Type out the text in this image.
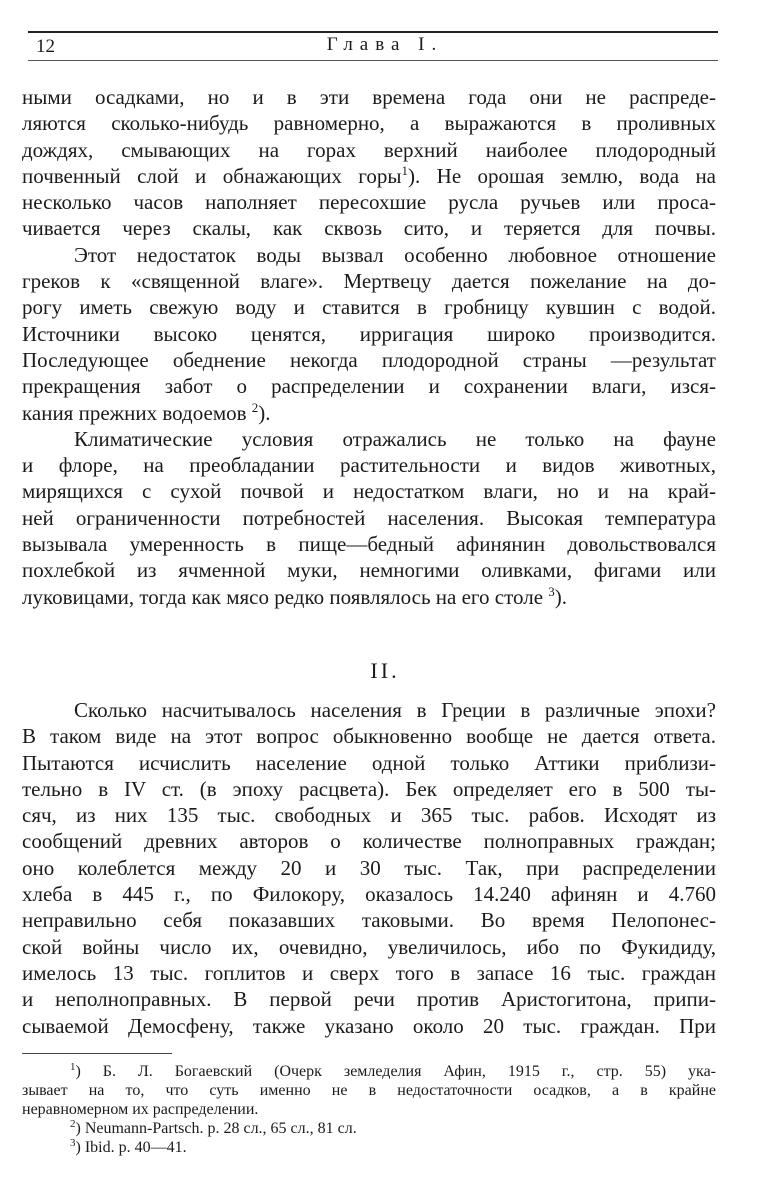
12	Глава I.
ными осадками, но и в эти времена года они не распреде-
ляются сколько-нибудь равномерно, а выражаются в проливных
дождях, смывающих на горах верхний наиболее плодородный
почвенный слой и обнажающих горы$^1$). Не орошая землю, вода на
несколько часов наполняет пересохшие русла ручьев или проса-
чивается через скалы, как сквозь сито, и теряется для почвы.
Этот недостаток воды вызвал особенно любовное отношение
греков к «священной влаге». Мертвецу дается пожелание на до-
рогу иметь свежую воду и ставится в гробницу кувшин с водой.
Источники высоко ценятся, ирригация широко производится.
Последующее обеднение некогда плодородной страны —результат
прекращения забот о распределении и сохранении влаги, изся-
кания прежних водоемов $^2$).
Климатические условия отражались не только на фауне
и флоре, на преобладании растительности и видов животных,
мирящихся с сухой почвой и недостатком влаги, но и на край-
ней ограниченности потребностей населения. Высокая температура
вызывала умеренность в пище—бедный афинянин довольствовался
похлебкой из ячменной муки, немногими оливками, фигами или
луковицами, тогда как мясо редко появлялось на его столе $^3$).
II.
Сколько насчитывалось населения в Греции в различные эпохи?
В таком виде на этот вопрос обыкновенно вообще не дается ответа.
Пытаются исчислить население одной только Аттики приблизи-
тельно в IV ст. (в эпоху расцвета). Бек определяет его в 500 ты-
сяч, из них 135 тыс. свободных и 365 тыс. рабов. Исходят из
сообщений древних авторов о количестве полноправных граждан;
оно колеблется между 20 и 30 тыс. Так, при распределении
хлеба в 445 г., по Филокору, оказалось 14.240 афинян и 4.760
неправильно себя показавших таковыми. Во время Пелопонес-
ской войны число их, очевидно, увеличилось, ибо по Фукидиду,
имелось 13 тыс. гоплитов и сверх того в запасе 16 тыс. граждан
и неполноправных. В первой речи против Аристогитона, припи-
сываемой Демосфену, также указано около 20 тыс. граждан. При
$^1$) Б. Л. Богаевский (Очерк земледелия Афин, 1915 г., стр. 55) ука-
зывает на то, что суть именно не в недостаточности осадков, а в крайне
неравномерном их распределении.
$^2$) Neumann-Partsch. p. 28 сл., 65 сл., 81 сл.
$^3$) Ibid. p. 40—41.
